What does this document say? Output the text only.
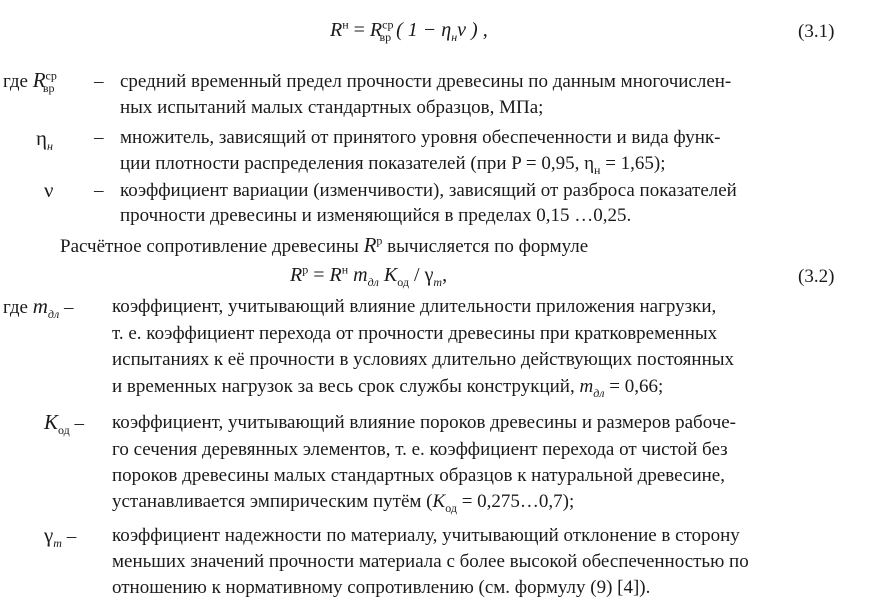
$R^н = R^{ср}_{вр}$ ( $1 - \eta_н\nu$ ) ,	(3.1)
где $R^{ср}_{вр}$ – средний временный предел прочности древесины по данным многочислен-
ных испытаний малых стандартных образцов, МПа;
$\eta_н$ – множитель, зависящий от принятого уровня обеспеченности и вида функ-
ции плотности распределения показателей (при P = 0,95, $\eta_н = 1,65$);
ν – коэффициент вариации (изменчивости), зависящий от разброса показателей
прочности древесины и изменяющийся в пределах 0,15 …0,25.
Расчётное сопротивление древесины $R^р$ вычисляется по формуле
$R^р = R^н$ $m_{дл}$ $K_{од} / \gamma_m$,	(3.2)
где $m_{дл}$ – коэффициент, учитывающий влияние длительности приложения нагрузки,
т. е. коэффициент перехода от прочности древесины при кратковременных
испытаниях к её прочности в условиях длительно действующих постоянных
и временных нагрузок за весь срок службы конструкций, $m_{дл} = 0,66$;
$K_{од}$ – коэффициент, учитывающий влияние пороков древесины и размеров рабоче-
го сечения деревянных элементов, т. е. коэффициент перехода от чистой без
пороков древесины малых стандартных образцов к натуральной древесине,
устанавливается эмпирическим путём ($K_{од}$ = 0,275…0,7);
$\gamma_m$ – коэффициент надежности по материалу, учитывающий отклонение в сторону
меньших значений прочности материала с более высокой обеспеченностью по
отношению к нормативному сопротивлению (см. формулу (9) [4]).
